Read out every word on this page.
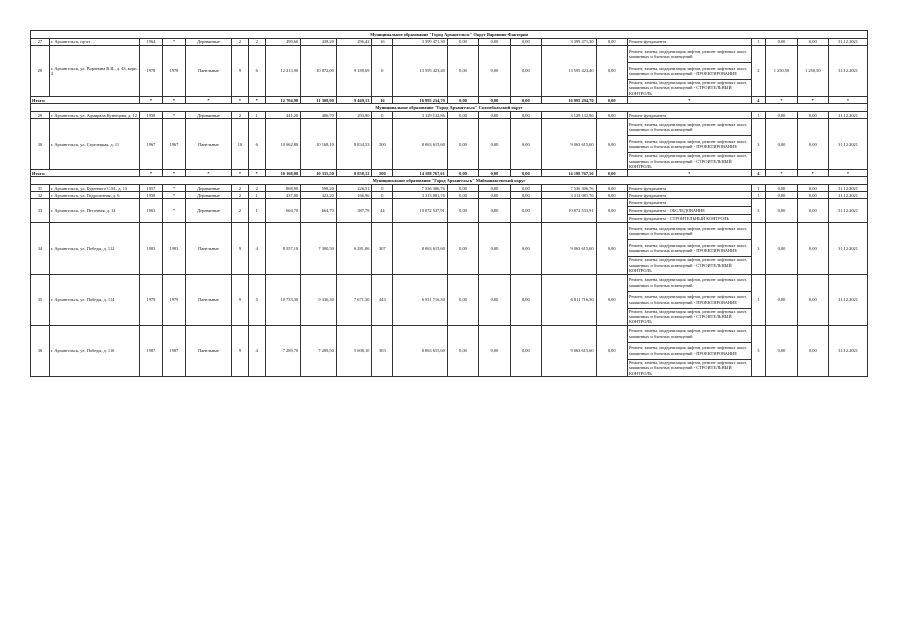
Муниципальное образование "Город Архангельск" Округ Варавино-Фактория																					
27	г. Архангельск, пр-кт ...	1964	*	Деревянные	2	2	499,60	438,20	296,42	16	3 399 471,30	0,00	0,00	0,00	3 399 471,30	0,00	Ремонт фундамента	1	0,00	0,00	31.12.2021
28	г. Архангельск, ул. Воронина В.И., д. 43, корп. 3	1978	1978	Панельные	9	6	12 213,90	10 872,00	9 189,69	0	13 595 423,40	0,00	0,00	0,00	13 595 423,40	0,00	Ремонт, замена, модернизация лифтов, ремонт лифтовых шахт, машинных и блочных помещений	2	1 250,50	1 250,50	31.12.2021
																	Ремонт, замена, модернизация лифтов, ремонт лифтовых шахт, машинных и блочных помещений - ПРОЕКТИРОВАНИЕ				
																	Ремонт, замена, модернизация лифтов, ремонт лифтовых шахт, машинных и блочных помещений - СТРОИТЕЛЬНЫЙ КОНТРОЛЬ				
Итого:		*	*	*	*	*	12 704,90	11 308,00	9 469,13	16	16 995 234,70	0,00	0,00	0,00	16 995 294,70	0,00	*	4	*	*	*
Муниципальное образование "Город Архангельск" Соломбальский округ																					
29	г. Архангельск, ул. Адмирала Кузнецова, д. 12	1958	*	Деревянные	2	1	441,20	406,70	293,90	0	3 129 132,86	0,00	0,00	0,00	3 129 132,86	0,00	Ремонт фундамента	1	0,00	0,00	31.12.2021
30	г. Архангельск, ул. Стрелецкая, д. 11	1967	1967	Панельные	10	6	10 662,80	10 168,10	8 834,33	500	8 063 615,60	0,00	0,00	0,00	9 063 615,60	0,00	Ремонт, замена, модернизация лифтов, ремонт лифтовых шахт, машинных и блочных помещений	3	0,00	0,00	31.12.2021
																	Ремонт, замена, модернизация лифтов, ремонт лифтовых шахт, машинных и блочных помещений - ПРОЕКТИРОВАНИЕ				
																	Ремонт, замена, модернизация лифтов, ремонт лифтовых шахт, машинных и блочных помещений - СТРОИТЕЛЬНЫЙ КОНТРОЛЬ				
Итого:		*	*	*	*	*	10 168,00	10 335,50	8 858,12	500	14 188 767,61	0,00	0,00	0,00	14 188 767,56	0,00	*	4	*	*	*
Муниципальное образование "Город Архангельск" Майманаксенский округ																					
31	г. Архангельск, ул. Буденного С.М., д. 13	1957	*	Деревянные	2	2	868,90	598,20	226,51	0	7 536 306,76	0,00	0,00	0,00	7 536 306,76	0,00	Ремонт фундамента	1	0,00	0,00	31.12.2021
32	г. Архангельск, ул. Гидролизная, д. 6	1958	*	Деревянные	2	1	437,00	423,20	166,96	0	3 313 081,76	0,00	0,00	0,00	3 313 081,76	0,00	Ремонт фундамента	1	0,00	0,00	31.12.2021
33	г. Архангельск, ул. Песочная, д. 14	1963	*	Деревянные	2	1	664,70	664,70	387,78	44	10 872 537,91	0,00	0,00	0,00	10 872 533,91	0,00	Ремонт фундамента	3	0,00	0,00	31.12.2021
																	Ремонт фундамента - ОБСЛЕДОВАНИЕ				
																	Ремонт фундамента - СТРОИТЕЛЬНЫЙ КОНТРОЛЬ				
34	г. Архангельск, ул. Победы, д. 112	1983	1983	Панельные	9	4	8 357,10	7 300,50	6 281,06	307	8 063 615,60	0,00	0,00	0,00	9 063 615,60	0,00	Ремонт, замена, модернизация лифтов, ремонт лифтовых шахт, машинных и блочных помещений	3	0,00	0,00	31.12.2021
																	Ремонт, замена, модернизация лифтов, ремонт лифтовых шахт, машинных и блочных помещений - ПРОЕКТИРОВАНИЕ				
																	Ремонт, замена, модернизация лифтов, ремонт лифтовых шахт, машинных и блочных помещений - СТРОИТЕЛЬНЫЙ КОНТРОЛЬ				
35	г. Архангельск, ул. Победы, д. 114	1979	1979	Панельные	9	5	10 733,30	9 336,30	7 671,30	443	6 811 716,30	0,00	0,00	0,00	6 811 716,30	0,00	Ремонт, замена, модернизация лифтов, ремонт лифтовых шахт, машинных и блочных помещений	1	0,00	0,00	31.12.2021
																	Ремонт, замена, модернизация лифтов, ремонт лифтовых шахт, машинных и блочных помещений - ПРОЕКТИРОВАНИЕ				
																	Ремонт, замена, модернизация лифтов, ремонт лифтовых шахт, машинных и блочных помещений - СТРОИТЕЛЬНЫЙ КОНТРОЛЬ				
36	г. Архангельск, ул. Победы, д. 116	1987	1987	Панельные	9	4	7 289,70	7 289,50	5 608,10	303	8 063 615,60	0,00	0,00	0,00	9 063 615,60	0,00	Ремонт, замена, модернизация лифтов, ремонт лифтовых шахт, машинных и блочных помещений	3	0,00	0,00	31.12.2021
																	Ремонт, замена, модернизация лифтов, ремонт лифтовых шахт, машинных и блочных помещений - ПРОЕКТИРОВАНИЕ				
																	Ремонт, замена, модернизация лифтов, ремонт лифтовых шахт, машинных и блочных помещений - СТРОИТЕЛЬНЫЙ КОНТРОЛЬ				
